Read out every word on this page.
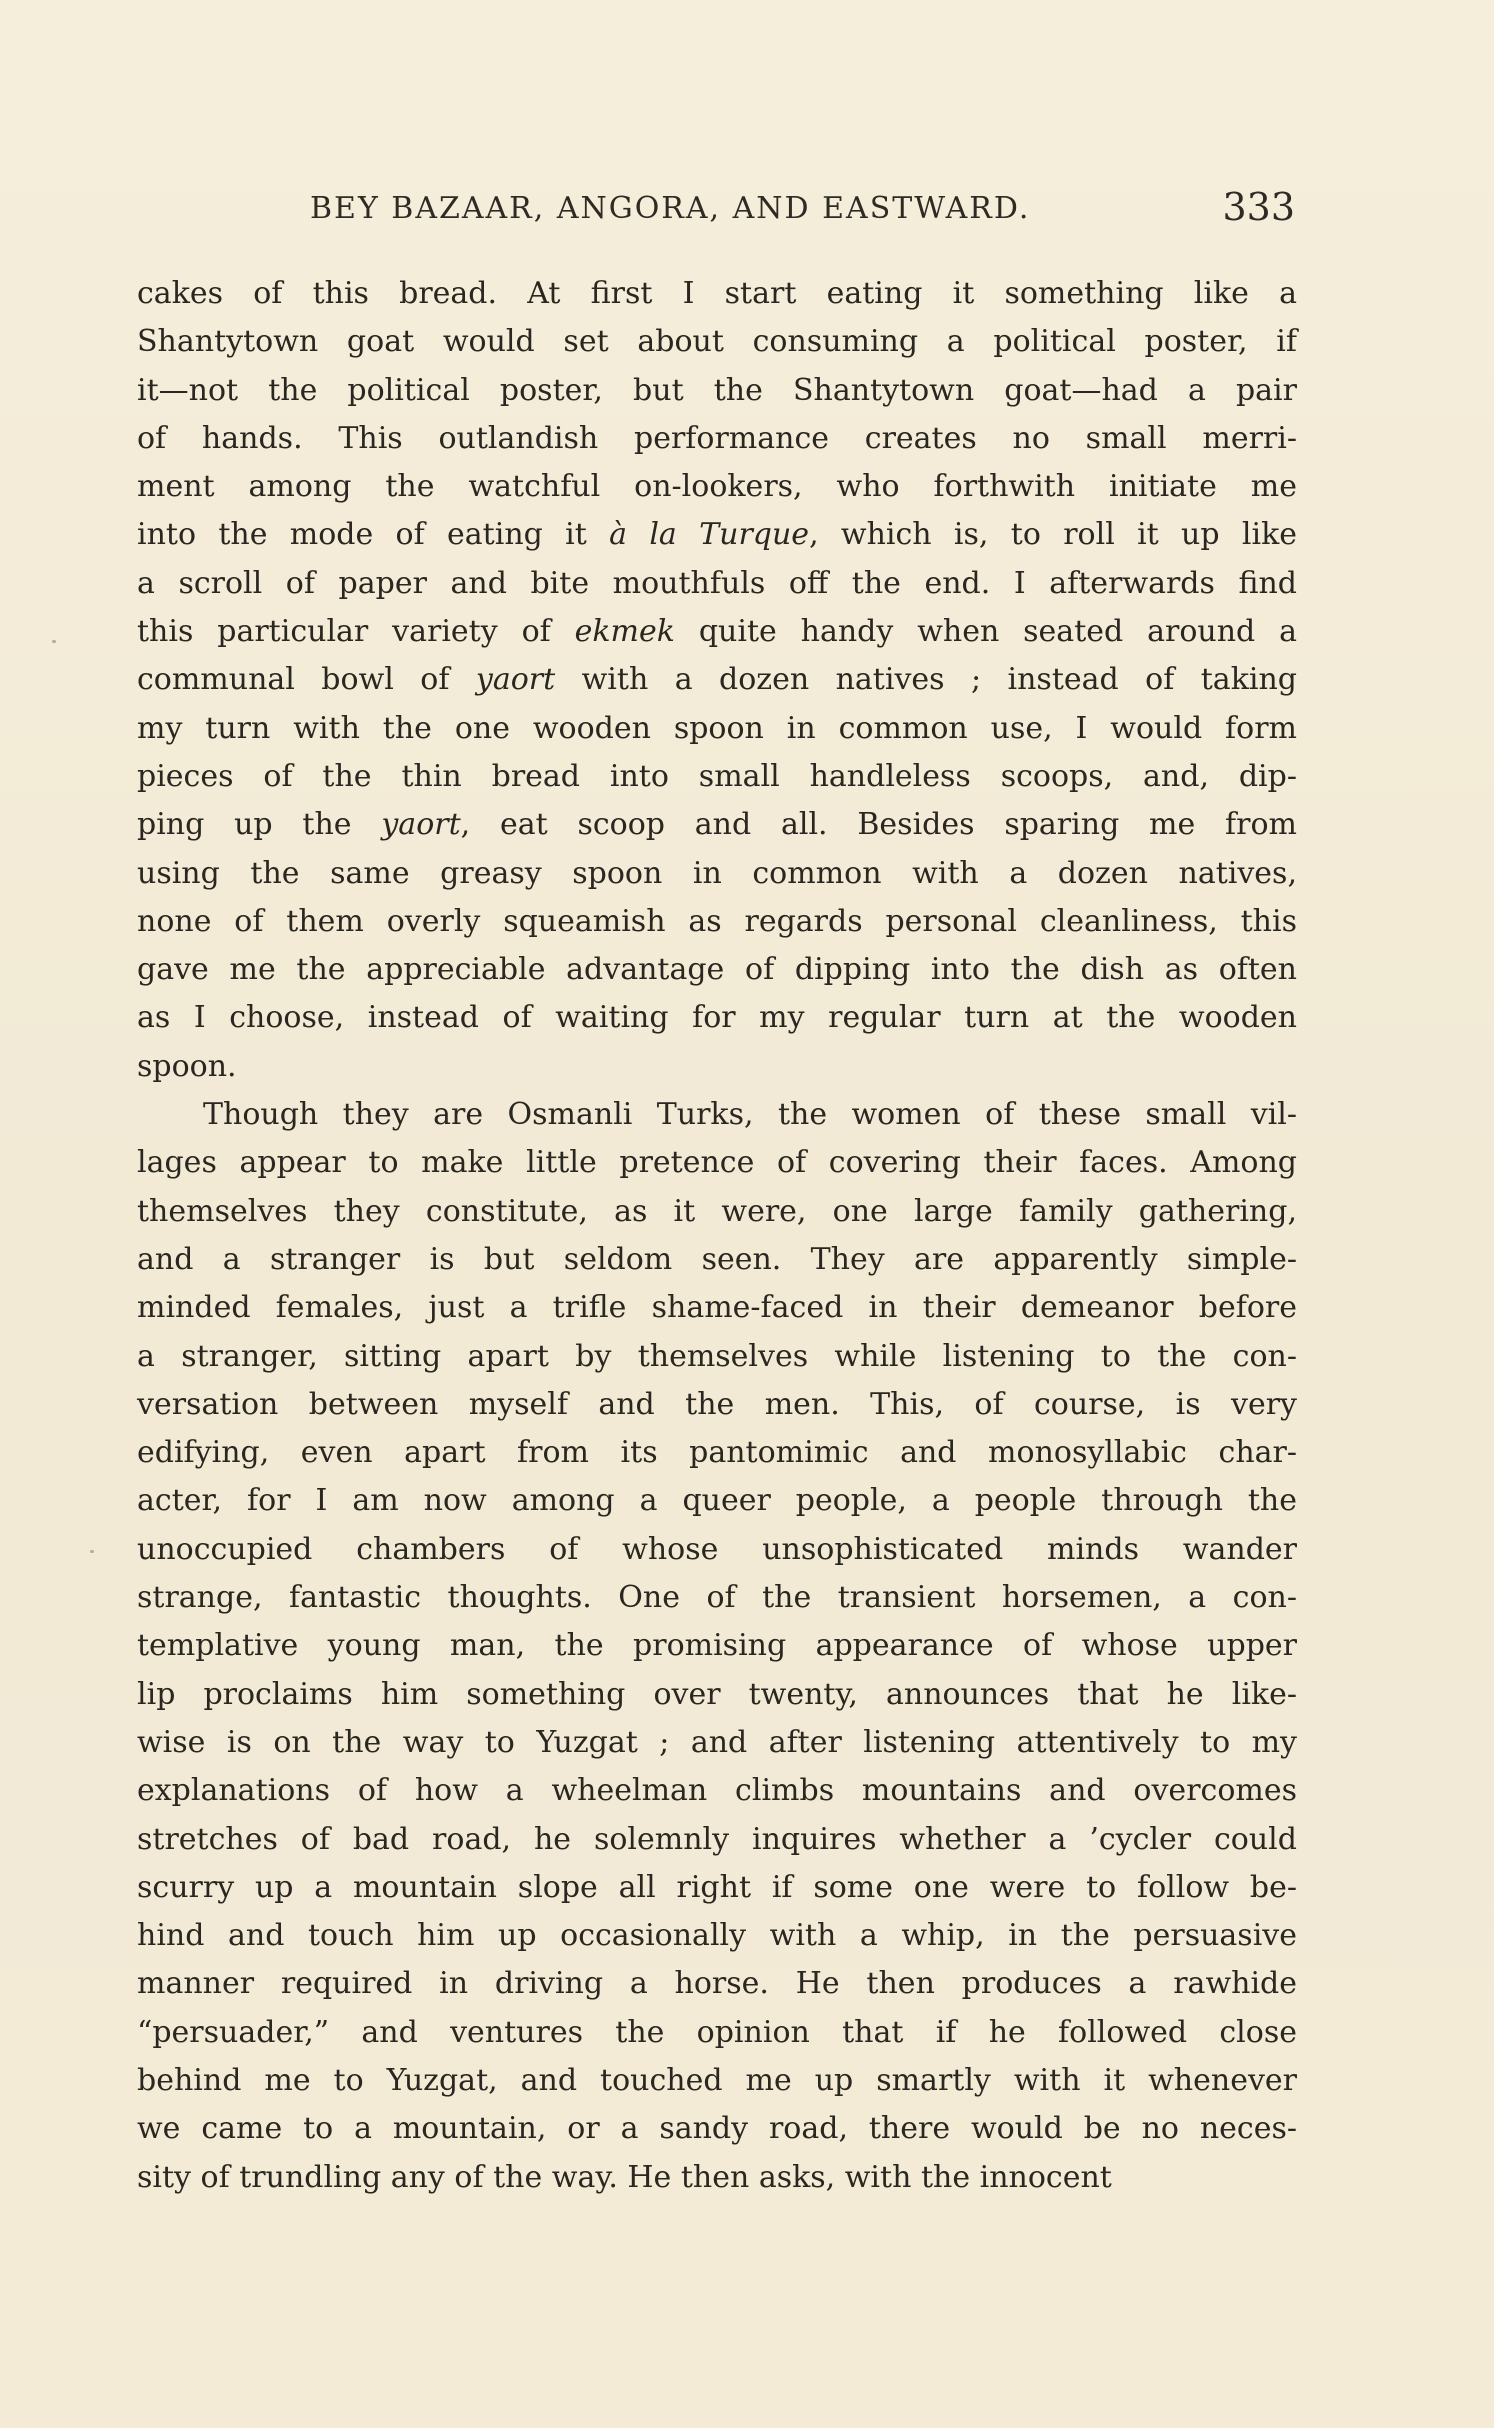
BEY BAZAAR, ANGORA, AND EASTWARD.	333
cakes of this bread. At first I start eating it something like a
Shantytown goat would set about consuming a political poster, if
it—not the political poster, but the Shantytown goat—had a pair
of hands. This outlandish performance creates no small merri-
ment among the watchful on-lookers, who forthwith initiate me
into the mode of eating it à la Turque, which is, to roll it up like
a scroll of paper and bite mouthfuls off the end. I afterwards find
this particular variety of ekmek quite handy when seated around a
communal bowl of yaort with a dozen natives ; instead of taking
my turn with the one wooden spoon in common use, I would form
pieces of the thin bread into small handleless scoops, and, dip-
ping up the yaort, eat scoop and all. Besides sparing me from
using the same greasy spoon in common with a dozen natives,
none of them overly squeamish as regards personal cleanliness, this
gave me the appreciable advantage of dipping into the dish as often
as I choose, instead of waiting for my regular turn at the wooden
spoon.
Though they are Osmanli Turks, the women of these small vil-
lages appear to make little pretence of covering their faces. Among
themselves they constitute, as it were, one large family gathering,
and a stranger is but seldom seen. They are apparently simple-
minded females, just a trifle shame-faced in their demeanor before
a stranger, sitting apart by themselves while listening to the con-
versation between myself and the men. This, of course, is very
edifying, even apart from its pantomimic and monosyllabic char-
acter, for I am now among a queer people, a people through the
unoccupied chambers of whose unsophisticated minds wander
strange, fantastic thoughts. One of the transient horsemen, a con-
templative young man, the promising appearance of whose upper
lip proclaims him something over twenty, announces that he like-
wise is on the way to Yuzgat ; and after listening attentively to my
explanations of how a wheelman climbs mountains and overcomes
stretches of bad road, he solemnly inquires whether a ’cycler could
scurry up a mountain slope all right if some one were to follow be-
hind and touch him up occasionally with a whip, in the persuasive
manner required in driving a horse. He then produces a rawhide
“persuader,” and ventures the opinion that if he followed close
behind me to Yuzgat, and touched me up smartly with it whenever
we came to a mountain, or a sandy road, there would be no neces-
sity of trundling any of the way. He then asks, with the innocent
